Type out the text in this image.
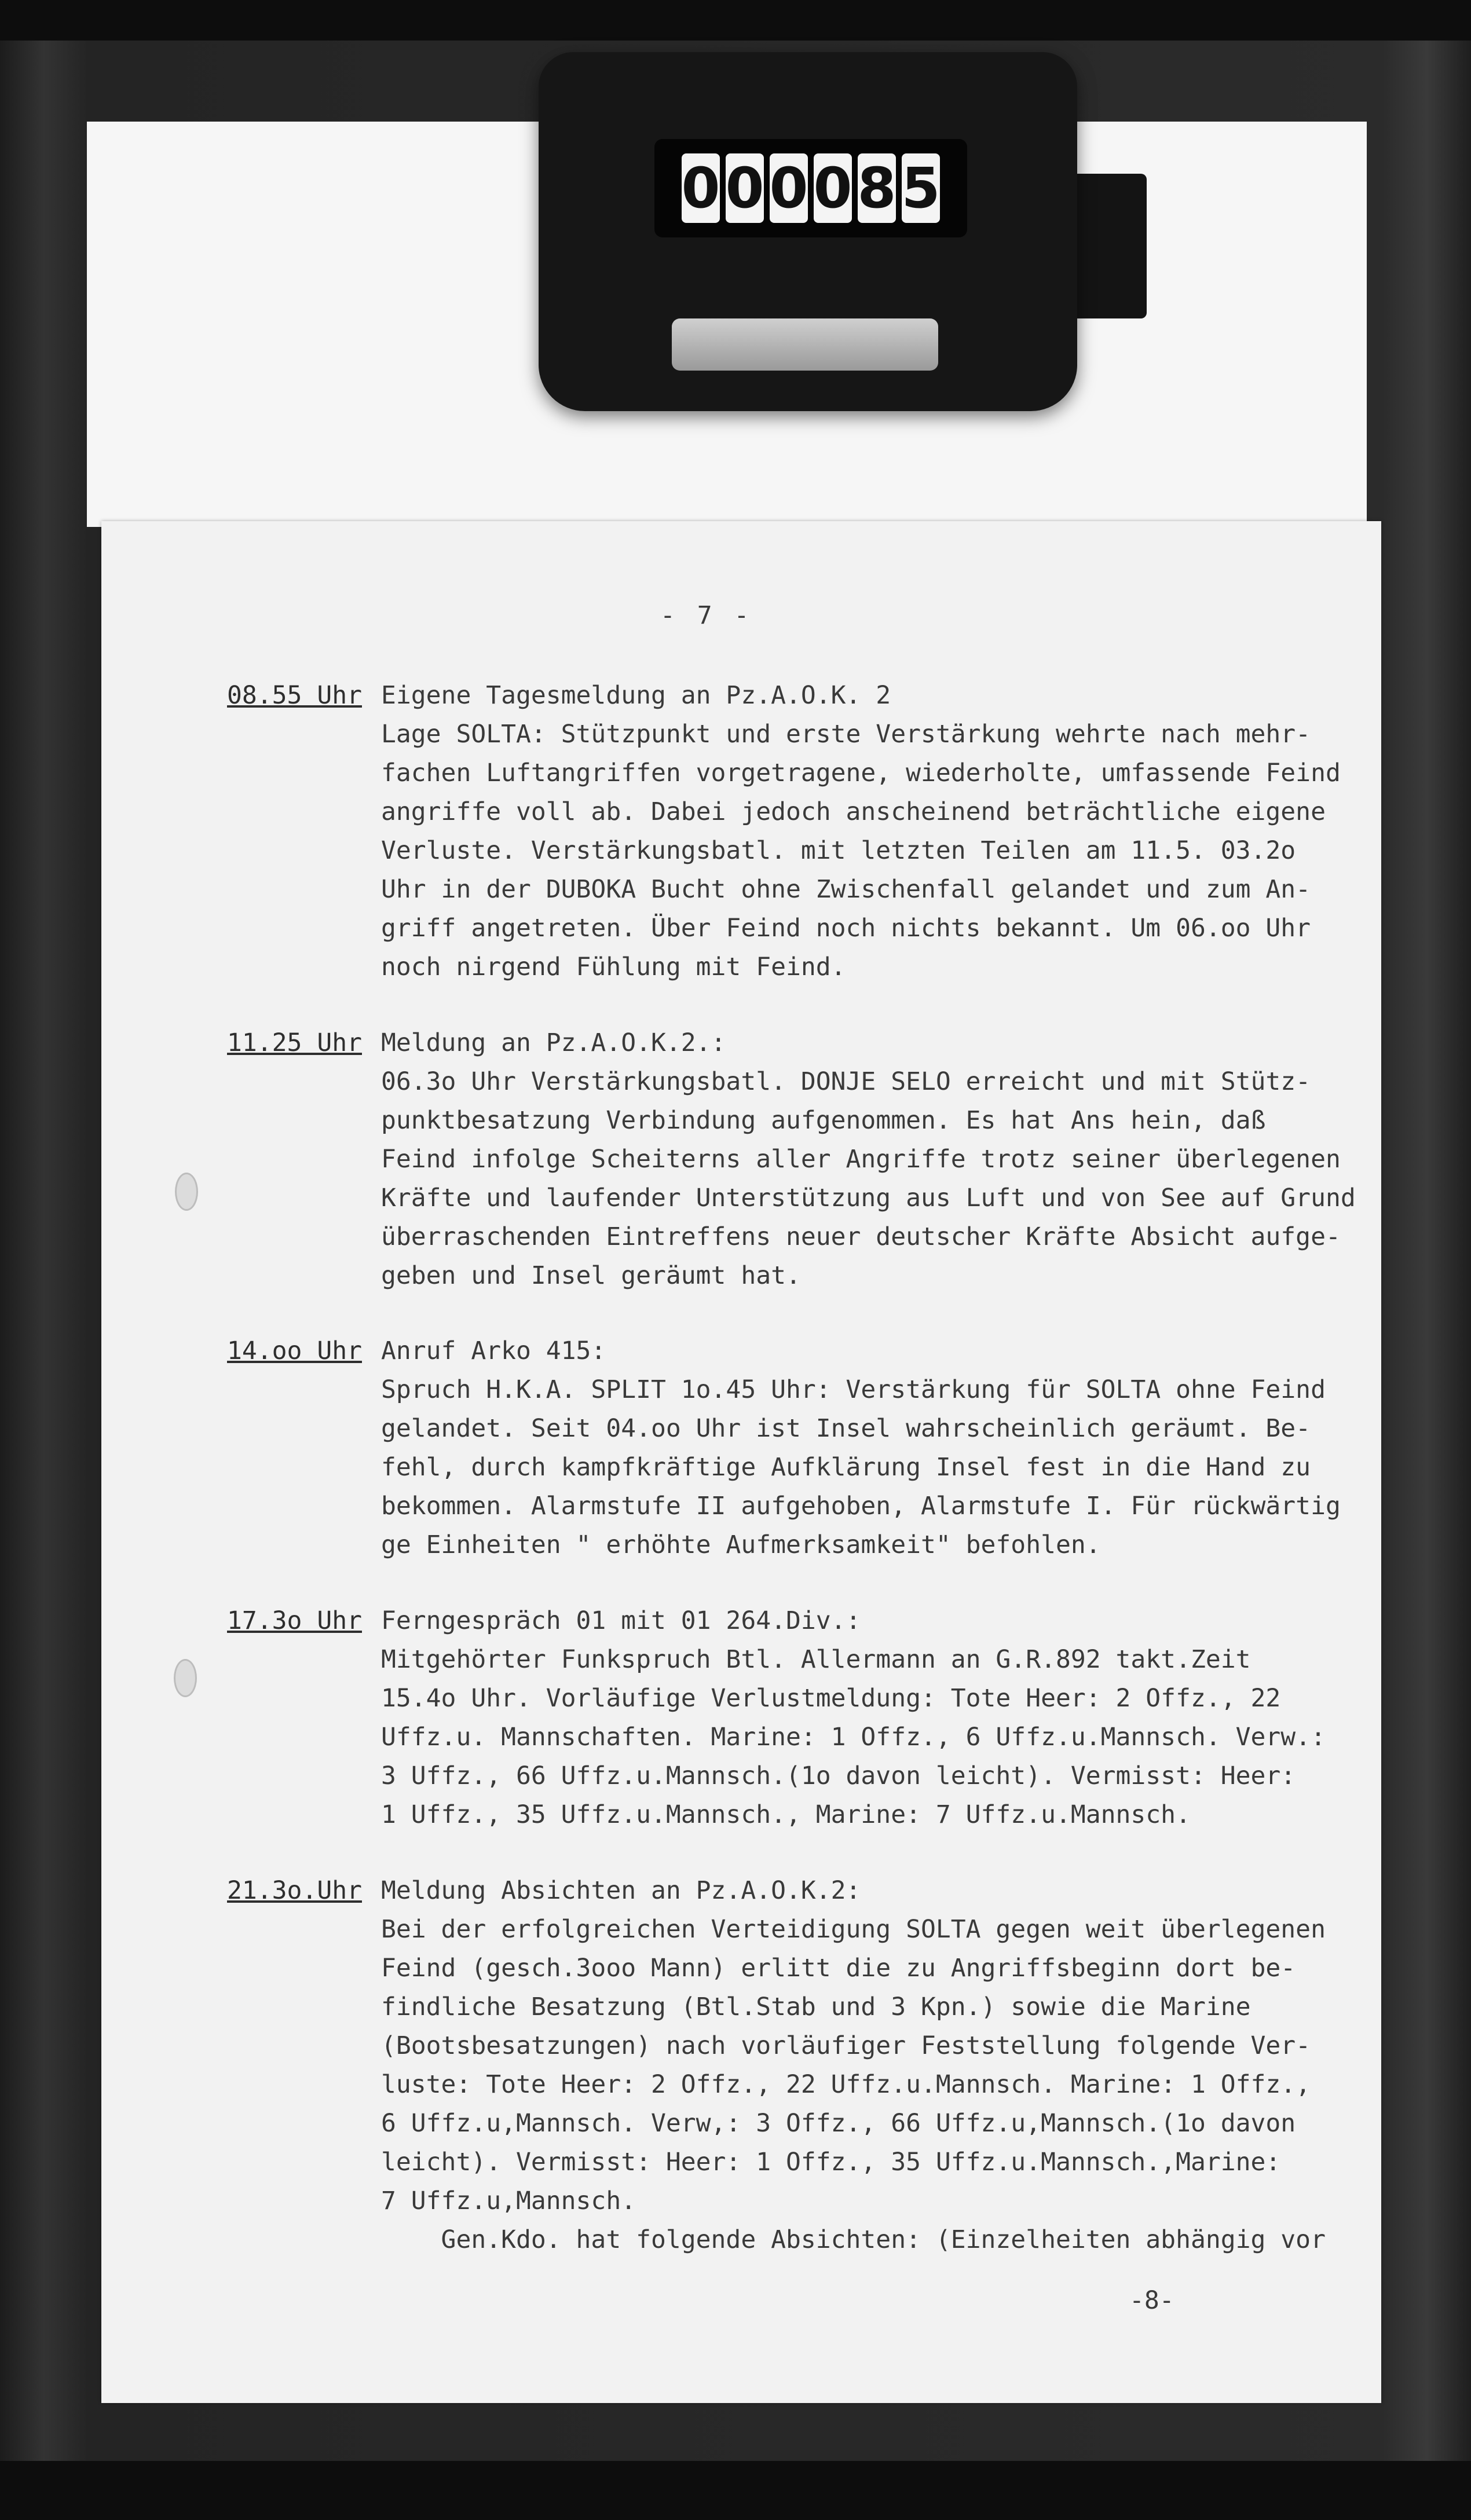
0 0 0 0 8 5
- 7 -
08.55 Uhr Eigene Tagesmeldung an Pz.A.O.K. 2
Lage SOLTA: Stützpunkt und erste Verstärkung wehrte nach mehr-
fachen Luftangriffen vorgetragene, wiederholte, umfassende Feind
angriffe voll ab. Dabei jedoch anscheinend beträchtliche eigene
Verluste. Verstärkungsbatl. mit letzten Teilen am 11.5. 03.2o
Uhr in der DUBOKA Bucht ohne Zwischenfall gelandet und zum An-
griff angetreten. Über Feind noch nichts bekannt. Um 06.oo Uhr
noch nirgend Fühlung mit Feind.
11.25 Uhr Meldung an Pz.A.O.K.2.:
06.3o Uhr Verstärkungsbatl. DONJE SELO erreicht und mit Stütz-
punktbesatzung Verbindung aufgenommen. Es hat Ans hein, daß
Feind infolge Scheiterns aller Angriffe trotz seiner überlegenen
Kräfte und laufender Unterstützung aus Luft und von See auf Grund
überraschenden Eintreffens neuer deutscher Kräfte Absicht aufge-
geben und Insel geräumt hat.
14.oo Uhr Anruf Arko 415:
Spruch H.K.A. SPLIT 1o.45 Uhr: Verstärkung für SOLTA ohne Feind
gelandet. Seit 04.oo Uhr ist Insel wahrscheinlich geräumt. Be-
fehl, durch kampfkräftige Aufklärung Insel fest in die Hand zu
bekommen. Alarmstufe II aufgehoben, Alarmstufe I. Für rückwärtig
ge Einheiten " erhöhte Aufmerksamkeit" befohlen.
17.3o Uhr Ferngespräch 01 mit 01 264.Div.:
Mitgehörter Funkspruch Btl. Allermann an G.R.892 takt.Zeit
15.4o Uhr. Vorläufige Verlustmeldung: Tote Heer: 2 Offz., 22
Uffz.u. Mannschaften. Marine: 1 Offz., 6 Uffz.u.Mannsch. Verw.:
3 Uffz., 66 Uffz.u.Mannsch.(1o davon leicht). Vermisst: Heer:
1 Uffz., 35 Uffz.u.Mannsch., Marine: 7 Uffz.u.Mannsch.
21.3o.Uhr Meldung Absichten an Pz.A.O.K.2:
Bei der erfolgreichen Verteidigung SOLTA gegen weit überlegenen
Feind (gesch.3ooo Mann) erlitt die zu Angriffsbeginn dort be-
findliche Besatzung (Btl.Stab und 3 Kpn.) sowie die Marine
(Bootsbesatzungen) nach vorläufiger Feststellung folgende Ver-
luste: Tote Heer: 2 Offz., 22 Uffz.u.Mannsch. Marine: 1 Offz.,
6 Uffz.u,Mannsch. Verw,: 3 Offz., 66 Uffz.u,Mannsch.(1o davon
leicht). Vermisst: Heer: 1 Offz., 35 Uffz.u.Mannsch.,Marine:
7 Uffz.u,Mannsch.
Gen.Kdo. hat folgende Absichten: (Einzelheiten abhängig vor
-8-
